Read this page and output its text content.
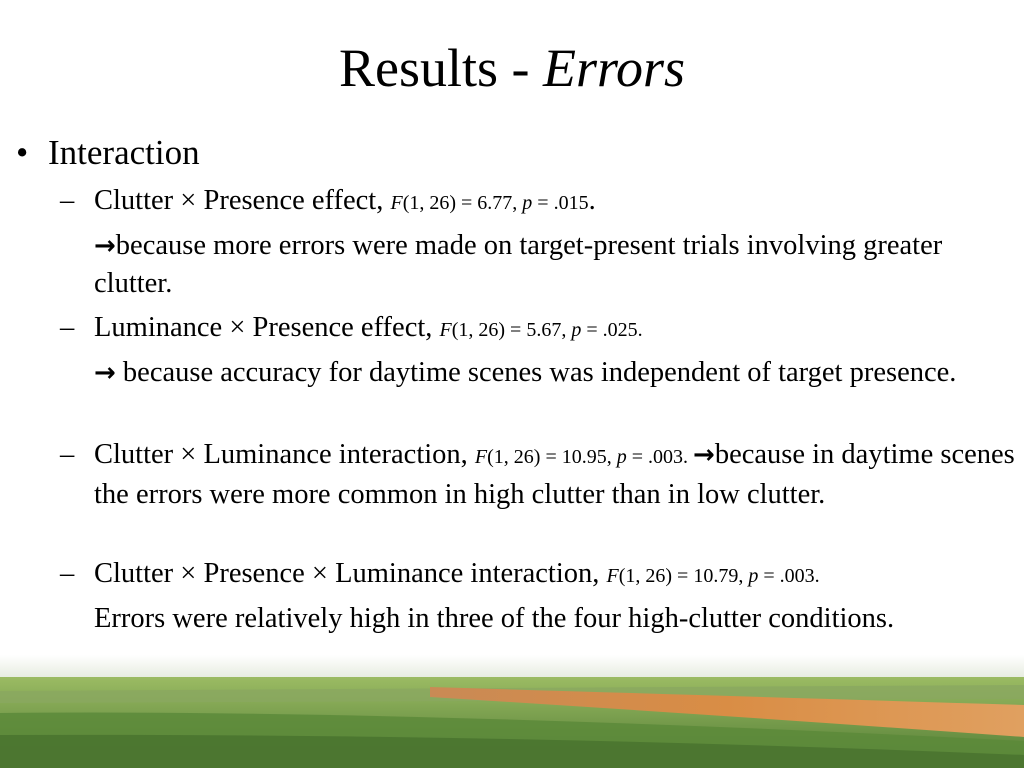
Results - Errors
• Interaction
– Clutter × Presence effect, F(1, 26) = 6.77, p = .015.
→because more errors were made on target-present trials involving greater clutter.
– Luminance × Presence effect, F(1, 26) = 5.67, p = .025.
→ because accuracy for daytime scenes was independent of target presence.
– Clutter × Luminance interaction, F(1, 26) = 10.95, p = .003. →because in daytime scenes the errors were more common in high clutter than in low clutter.
– Clutter × Presence × Luminance interaction, F(1, 26) = 10.79, p = .003.
Errors were relatively high in three of the four high-clutter conditions.
